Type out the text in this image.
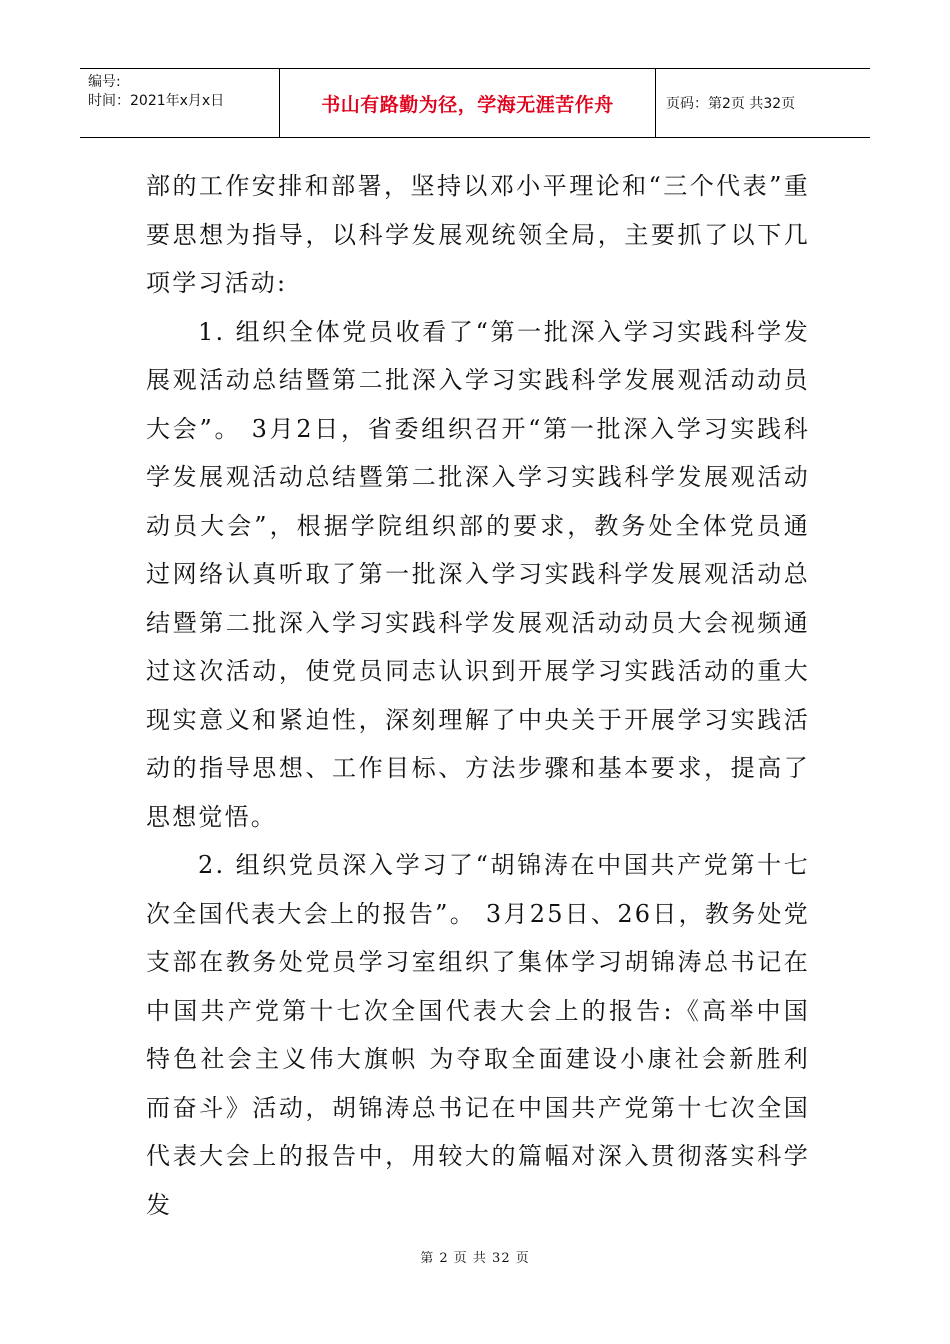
编号:
时间：2021年x月x日	书山有路勤为径，学海无涯苦作舟	页码：第2页 共32页

部的工作安排和部署，坚持以邓小平理论和“三个代表”重要思想为指导，以科学发展观统领全局，主要抓了以下几项学习活动:

1. 组织全体党员收看了“第一批深入学习实践科学发展观活动总结暨第二批深入学习实践科学发展观活动动员大会”。 3月2日，省委组织召开“第一批深入学习实践科学发展观活动总结暨第二批深入学习实践科学发展观活动动员大会”，根据学院组织部的要求，教务处全体党员通过网络认真听取了第一批深入学习实践科学发展观活动总结暨第二批深入学习实践科学发展观活动动员大会视频通过这次活动，使党员同志认识到开展学习实践活动的重大现实意义和紧迫性，深刻理解了中央关于开展学习实践活动的指导思想、工作目标、方法步骤和基本要求，提高了思想觉悟。

2. 组织党员深入学习了“胡锦涛在中国共产党第十七次全国代表大会上的报告”。 3月25日、26日，教务处党支部在教务处党员学习室组织了集体学习胡锦涛总书记在中国共产党第十七次全国代表大会上的报告:《高举中国特色社会主义伟大旗帜 为夺取全面建设小康社会新胜利而奋斗》活动，胡锦涛总书记在中国共产党第十七次全国代表大会上的报告中，用较大的篇幅对深入贯彻落实科学发

第 2 页 共 32 页
